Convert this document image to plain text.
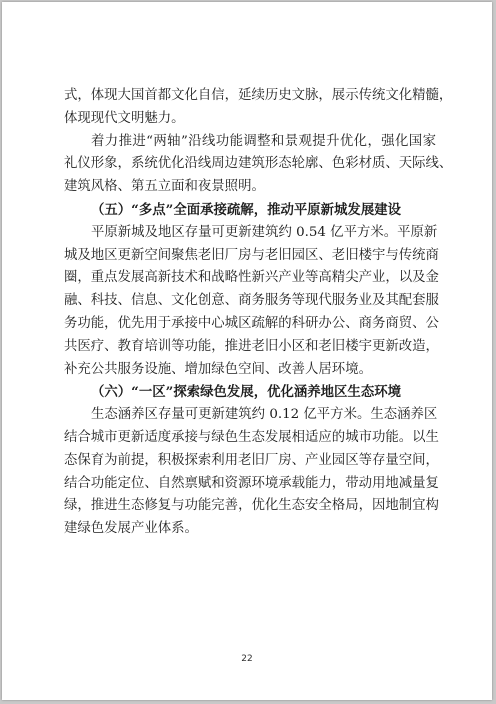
式，体现大国首都文化自信，延续历史文脉，展示传统文化精髓，
体现现代文明魅力。
着力推进“两轴”沿线功能调整和景观提升优化，强化国家
礼仪形象，系统优化沿线周边建筑形态轮廓、色彩材质、天际线、
建筑风格、第五立面和夜景照明。
（五）“多点”全面承接疏解，推动平原新城发展建设
平原新城及地区存量可更新建筑约 0.54 亿平方米。平原新
城及地区更新空间聚焦老旧厂房与老旧园区、老旧楼宇与传统商
圈，重点发展高新技术和战略性新兴产业等高精尖产业，以及金
融、科技、信息、文化创意、商务服务等现代服务业及其配套服
务功能，优先用于承接中心城区疏解的科研办公、商务商贸、公
共医疗、教育培训等功能，推进老旧小区和老旧楼宇更新改造，
补充公共服务设施、增加绿色空间、改善人居环境。
（六）“一区”探索绿色发展，优化涵养地区生态环境
生态涵养区存量可更新建筑约 0.12 亿平方米。生态涵养区
结合城市更新适度承接与绿色生态发展相适应的城市功能。以生
态保育为前提，积极探索利用老旧厂房、产业园区等存量空间，
结合功能定位、自然禀赋和资源环境承载能力，带动用地减量复
绿，推进生态修复与功能完善，优化生态安全格局，因地制宜构
建绿色发展产业体系。
22
